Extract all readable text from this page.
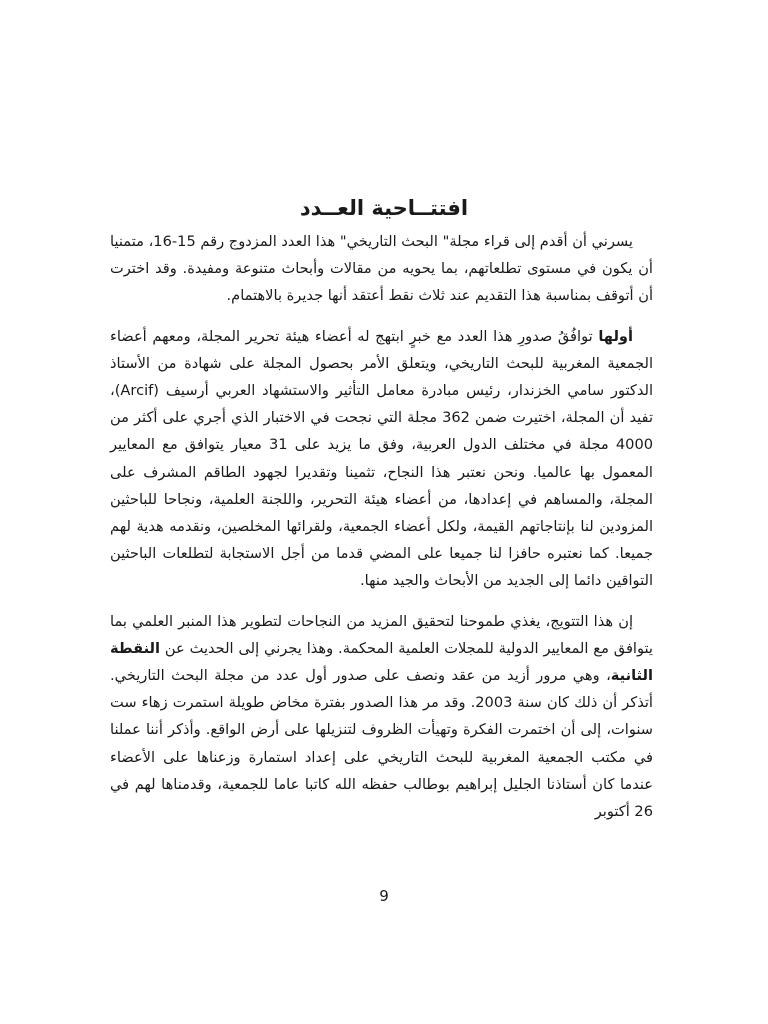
افتتــاحية العــدد

يسرني أن أقدم إلى قراء مجلة" البحث التاريخي" هذا العدد المزدوج رقم 15-16، متمنيا أن يكون في مستوى تطلعاتهم، بما يحويه من مقالات وأبحاث متنوعة ومفيدة. وقد اخترت أن أتوقف بمناسبة هذا التقديم عند ثلاث نقط أعتقد أنها جديرة بالاهتمام.

أولها توافُقُ صدورِ هذا العدد مع خبرٍ ابتهج له أعضاء هيئة تحرير المجلة، ومعهم أعضاء الجمعية المغربية للبحث التاريخي، ويتعلق الأمر بحصول المجلة على شهادة من الأستاذ الدكتور سامي الخزندار، رئيس مبادرة معامل التأثير والاستشهاد العربي أرسيف (Arcif)، تفيد أن المجلة، اختيرت ضمن 362 مجلة التي نجحت في الاختبار الذي أجري على أكثر من 4000 مجلة في مختلف الدول العربية، وفق ما يزيد على 31 معيار يتوافق مع المعايير المعمول بها عالميا. ونحن نعتبر هذا النجاح، تثمينا وتقديرا لجهود الطاقم المشرف على المجلة، والمساهم في إعدادها، من أعضاء هيئة التحرير، واللجنة العلمية، ونجاحا للباحثين المزودين لنا بإنتاجاتهم القيمة، ولكل أعضاء الجمعية، ولقرائها المخلصين، ونقدمه هدية لهم جميعا. كما نعتبره حافزا لنا جميعا على المضي قدما من أجل الاستجابة لتطلعات الباحثين التواقين دائما إلى الجديد من الأبحاث والجيد منها.

إن هذا التتويج، يغذي طموحنا لتحقيق المزيد من النجاحات لتطوير هذا المنبر العلمي بما يتوافق مع المعايير الدولية للمجلات العلمية المحكمة. وهذا يجرني إلى الحديث عن النقطة الثانية، وهي مرور أزيد من عقد ونصف على صدور أول عدد من مجلة البحث التاريخي. أتذكر أن ذلك كان سنة 2003. وقد مر هذا الصدور بفترة مخاض طويلة استمرت زهاء ست سنوات، إلى أن اختمرت الفكرة وتهيأت الظروف لتنزيلها على أرض الواقع. وأذكر أننا عملنا في مكتب الجمعية المغربية للبحث التاريخي على إعداد استمارة وزعناها على الأعضاء عندما كان أستاذنا الجليل إبراهيم بوطالب حفظه الله كاتبا عاما للجمعية، وقدمناها لهم في 26 أكتوبر

9
